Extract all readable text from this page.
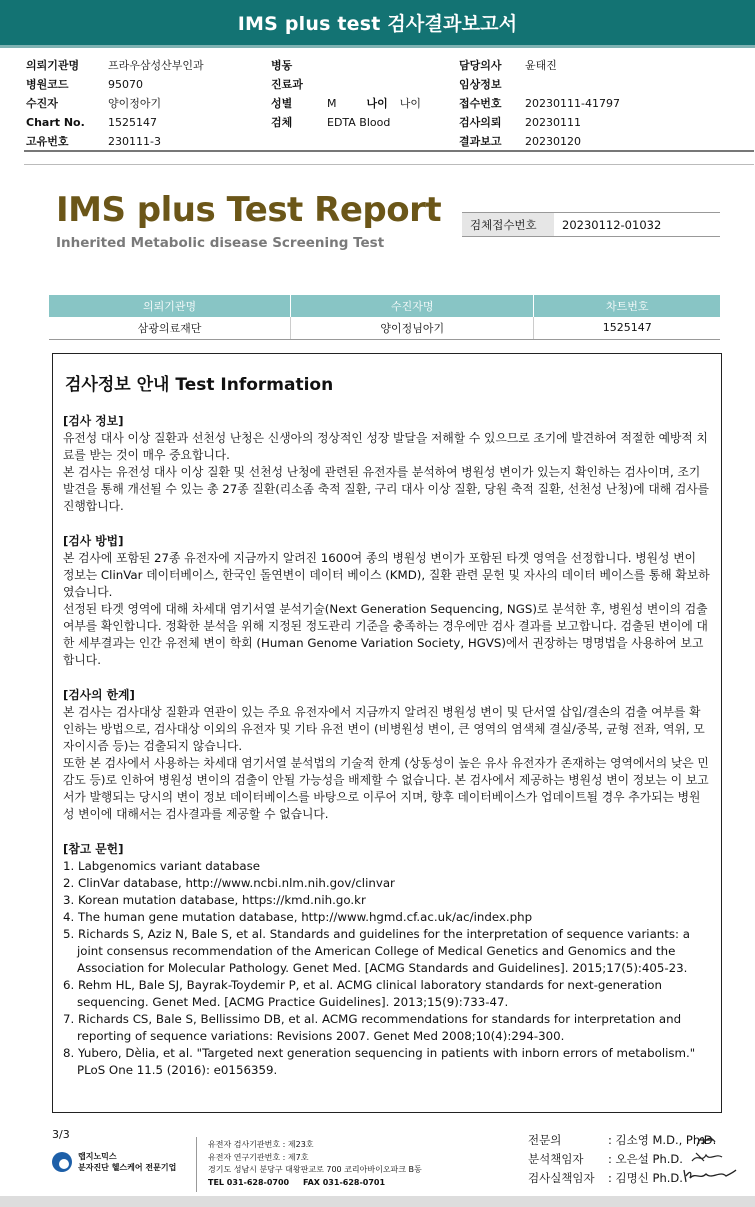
IMS plus test 검사결과보고서
의뢰기관명	프라우삼성산부인과
병원코드	95070
수진자	양이정아기
Chart No.	1525147
고유번호	230111-3
병동
진료과
성별	M	나이 나이
검체	EDTA Blood
담당의사	윤태진
임상정보
접수번호	20230111-41797
검사의뢰	20230111
결과보고	20230120
IMS plus Test Report
Inherited Metabolic disease Screening Test
검체접수번호	20230112-01032
의뢰기관명	수진자명	차트번호
삼광의료재단	양이정님아기	1525147
검사정보 안내 Test Information

[검사 정보]

유전성 대사 이상 질환과 선천성 난청은 신생아의 정상적인 성장 발달을 저해할 수 있으므로 조기에 발견하여 적절한 예방적 치료를 받는 것이 매우 중요합니다.

본 검사는 유전성 대사 이상 질환 및 선천성 난청에 관련된 유전자를 분석하여 병원성 변이가 있는지 확인하는 검사이며, 조기 발견을 통해 개선될 수 있는 총 27종 질환(리소좀 축적 질환, 구리 대사 이상 질환, 당원 축적 질환, 선천성 난청)에 대해 검사를 진행합니다.

[검사 방법]

본 검사에 포함된 27종 유전자에 지금까지 알려진 1600여 종의 병원성 변이가 포함된 타겟 영역을 선정합니다. 병원성 변이 정보는 ClinVar 데이터베이스, 한국인 돌연변이 데이터 베이스 (KMD), 질환 관련 문헌 및 자사의 데이터 베이스를 통해 확보하였습니다.

선정된 타겟 영역에 대해 차세대 염기서열 분석기술(Next Generation Sequencing, NGS)로 분석한 후, 병원성 변이의 검출 여부를 확인합니다. 정확한 분석을 위해 지정된 정도관리 기준을 충족하는 경우에만 검사 결과를 보고합니다. 검출된 변이에 대한 세부결과는 인간 유전체 변이 학회 (Human Genome Variation Society, HGVS)에서 권장하는 명명법을 사용하여 보고합니다.

[검사의 한계]

본 검사는 검사대상 질환과 연관이 있는 주요 유전자에서 지금까지 알려진 병원성 변이 및 단서열 삽입/결손의 검출 여부를 확인하는 방법으로, 검사대상 이외의 유전자 및 기타 유전 변이 (비병원성 변이, 큰 영역의 염색체 결실/중복, 균형 전좌, 역위, 모자이시즘 등)는 검출되지 않습니다.

또한 본 검사에서 사용하는 차세대 염기서열 분석법의 기술적 한계 (상동성이 높은 유사 유전자가 존재하는 영역에서의 낮은 민감도 등)로 인하여 병원성 변이의 검출이 안될 가능성을 배제할 수 없습니다. 본 검사에서 제공하는 병원성 변이 정보는 이 보고서가 발행되는 당시의 변이 정보 데이터베이스를 바탕으로 이루어 지며, 향후 데이터베이스가 업데이트될 경우 추가되는 병원성 변이에 대해서는 검사결과를 제공할 수 없습니다.

[참고 문헌]

1. Labgenomics variant database
2. ClinVar database, http://www.ncbi.nlm.nih.gov/clinvar
3. Korean mutation database, https://kmd.nih.go.kr
4. The human gene mutation database, http://www.hgmd.cf.ac.uk/ac/index.php
5. Richards S, Aziz N, Bale S, et al. Standards and guidelines for the interpretation of sequence variants: a joint consensus recommendation of the American College of Medical Genetics and Genomics and the Association for Molecular Pathology. Genet Med. [ACMG Standards and Guidelines]. 2015;17(5):405-23.
6. Rehm HL, Bale SJ, Bayrak-Toydemir P, et al. ACMG clinical laboratory standards for next-generation sequencing. Genet Med. [ACMG Practice Guidelines]. 2013;15(9):733-47.
7. Richards CS, Bale S, Bellissimo DB, et al. ACMG recommendations for standards for interpretation and reporting of sequence variations: Revisions 2007. Genet Med 2008;10(4):294-300.
8. Yubero, Dèlia, et al. "Targeted next generation sequencing in patients with inborn errors of metabolism." PLoS One 11.5 (2016): e0156359.
3/3
랩지노믹스
분자진단 헬스케어 전문기업
유전자 검사기관번호 : 제23호
유전자 연구기관번호 : 제7호
경기도 성남시 분당구 대왕판교로 700 코리아바이오파크 B동
TEL 031-628-0700 FAX 031-628-0701
전문의	: 김소영 M.D., Ph.D.
분석책임자	: 오은설 Ph.D.
검사실책임자	: 김명신 Ph.D.
